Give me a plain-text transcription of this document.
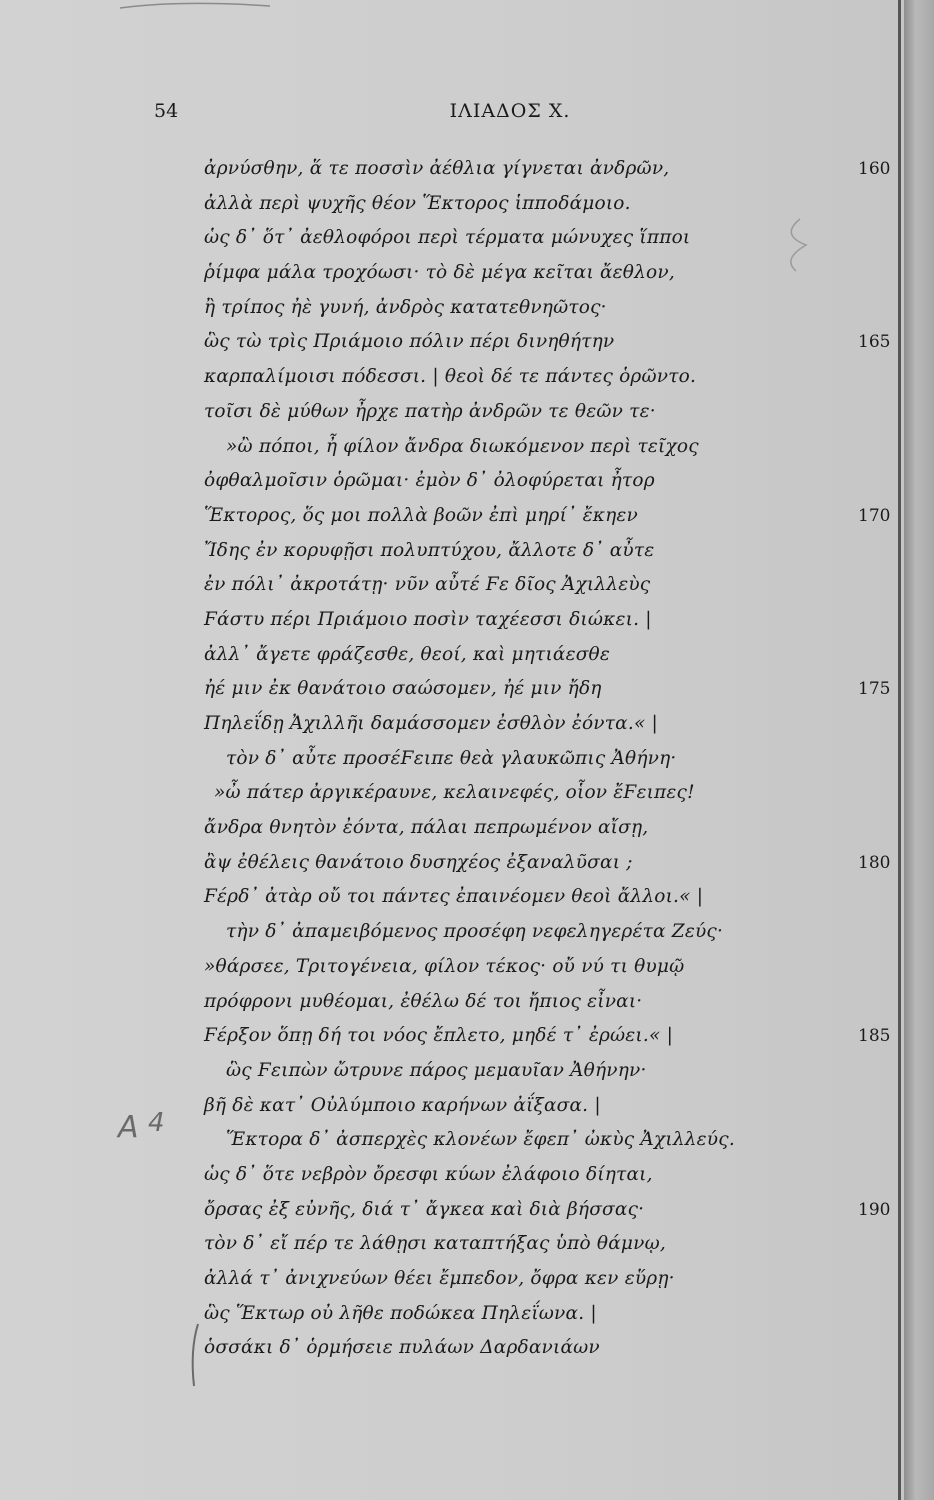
54	ΙΛΙΑΔΟΣ X.
ἀρνύσθην, ἅ τε ποσσὶν ἀέθλια γίγνεται ἀνδρῶν,	160
ἀλλὰ περὶ ψυχῆς θέον Ἕκτορος ἱπποδάμοιο.
ὡς δ᾽ ὅτ᾽ ἀεθλοφόροι περὶ τέρματα μώνυχες ἵπποι
ῥίμφα μάλα τροχόωσι· τὸ δὲ μέγα κεῖται ἄεθλον,
ἢ τρίπος ἠὲ γυνή, ἀνδρὸς κατατεθνηῶτος·
ὣς τὼ τρὶς Πριάμοιο πόλιν πέρι δινηθήτην	165
καρπαλίμοισι πόδεσσι. | θεοὶ δέ τε πάντες ὁρῶντο.
τοῖσι δὲ μύθων ἦρχε πατὴρ ἀνδρῶν τε θεῶν τε·
»ὢ πόποι, ἦ φίλον ἄνδρα διωκόμενον περὶ τεῖχος
ὀφθαλμοῖσιν ὁρῶμαι· ἐμὸν δ᾽ ὀλοφύρεται ἦτορ
Ἕκτορος, ὅς μοι πολλὰ βοῶν ἐπὶ μηρί᾽ ἔκηεν	170
Ἴδης ἐν κορυφῇσι πολυπτύχου, ἄλλοτε δ᾽ αὖτε
ἐν πόλι᾽ ἀκροτάτῃ· νῦν αὖτέ Ϝε δῖος Ἀχιλλεὺς
Ϝάστυ πέρι Πριάμοιο ποσὶν ταχέεσσι διώκει. |
ἀλλ᾽ ἄγετε φράζεσθε, θεοί, καὶ μητιάεσθε
ἠέ μιν ἐκ θανάτοιο σαώσομεν, ἠέ μιν ἤδη	175
Πηλεΐδῃ Ἀχιλλῆι δαμάσσομεν ἐσθλὸν ἐόντα.« |
τὸν δ᾽ αὖτε προσέϜειπε θεὰ γλαυκῶπις Ἀθήνη·
»ὦ πάτερ ἀργικέραυνε, κελαινεφές, οἷον ἔϜειπες!
ἄνδρα θνητὸν ἐόντα, πάλαι πεπρωμένον αἴσῃ,
ἂψ ἐθέλεις θανάτοιο δυσηχέος ἐξαναλῦσαι ;	180
Ϝέρδ᾽ ἀτὰρ οὔ τοι πάντες ἐπαινέομεν θεοὶ ἄλλοι.« |
τὴν δ᾽ ἀπαμειβόμενος προσέφη νεφεληγερέτα Ζεύς·
»θάρσεε, Τριτογένεια, φίλον τέκος· οὔ νύ τι θυμῷ
πρόφρονι μυθέομαι, ἐθέλω δέ τοι ἤπιος εἶναι·
Ϝέρξον ὅπῃ δή τοι νόος ἔπλετο, μηδέ τ᾽ ἐρώει.« |	185
ὣς Ϝειπὼν ὤτρυνε πάρος μεμαυῖαν Ἀθήνην·
βῆ δὲ κατ᾽ Οὐλύμποιο καρήνων ἀΐξασα. |
Ἕκτορα δ᾽ ἀσπερχὲς κλονέων ἔφεπ᾽ ὠκὺς Ἀχιλλεύς.
ὡς δ᾽ ὅτε νεβρὸν ὄρεσφι κύων ἐλάφοιο δίηται,
ὄρσας ἐξ εὐνῆς, διά τ᾽ ἄγκεα καὶ διὰ βήσσας·	190
τὸν δ᾽ εἴ πέρ τε λάθῃσι καταπτήξας ὑπὸ θάμνῳ,
ἀλλά τ᾽ ἀνιχνεύων θέει ἔμπεδον, ὄφρα κεν εὕρῃ·
ὣς Ἕκτωρ οὐ λῆθε ποδώκεα Πηλεΐωνα. |
ὁσσάκι δ᾽ ὁρμήσειε πυλάων Δαρδανιάων
A 4
